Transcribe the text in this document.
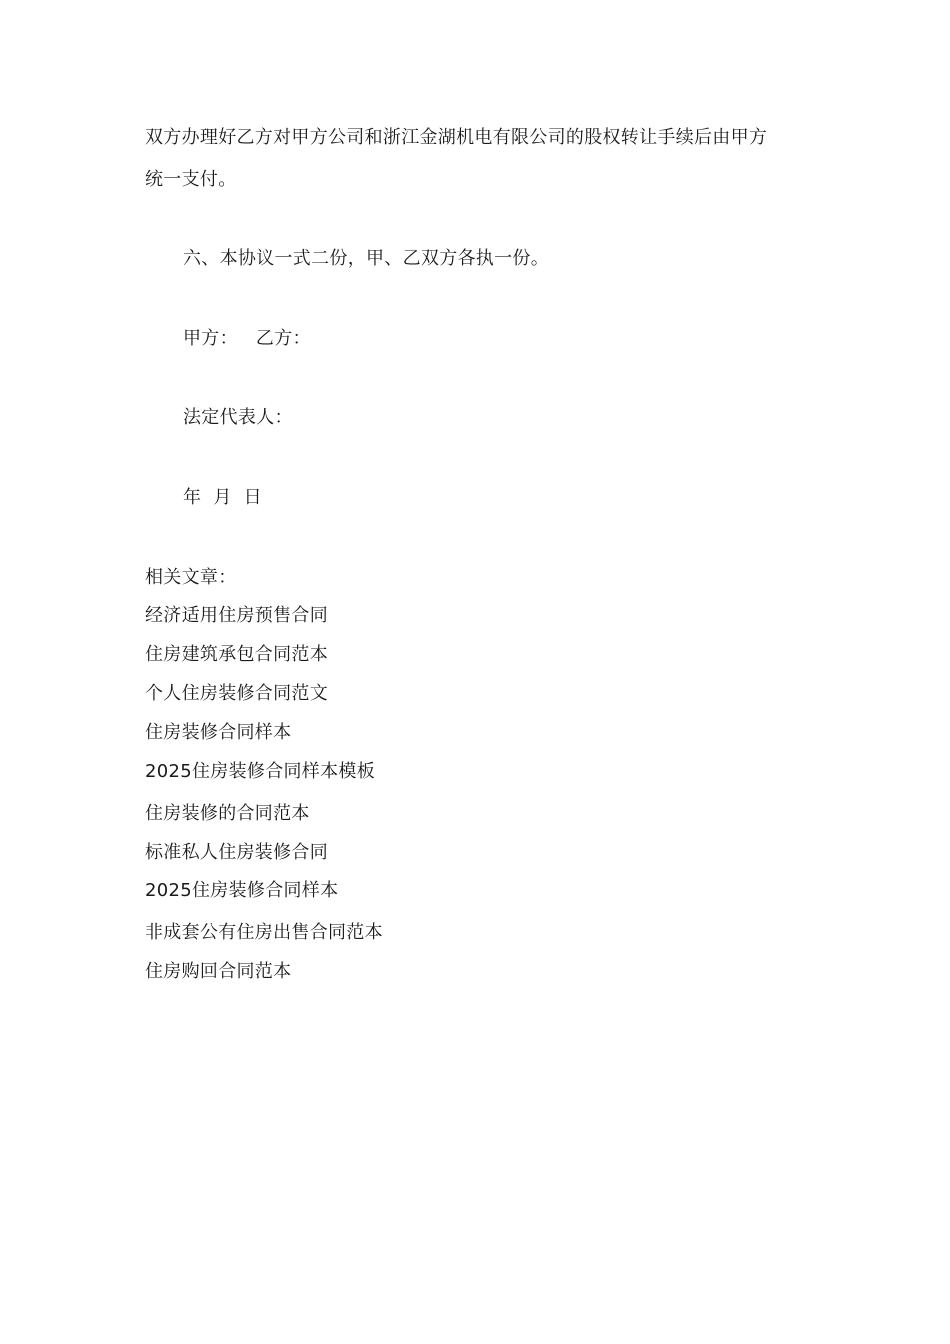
双方办理好乙方对甲方公司和浙江金湖机电有限公司的股权转让手续后由甲方
统一支付。
六、本协议一式二份，甲、乙双方各执一份。
甲方： 乙方：
法定代表人：
年 月 日
相关文章：
经济适用住房预售合同
住房建筑承包合同范本
个人住房装修合同范文
住房装修合同样本
2025住房装修合同样本模板
住房装修的合同范本
标准私人住房装修合同
2025住房装修合同样本
非成套公有住房出售合同范本
住房购回合同范本
